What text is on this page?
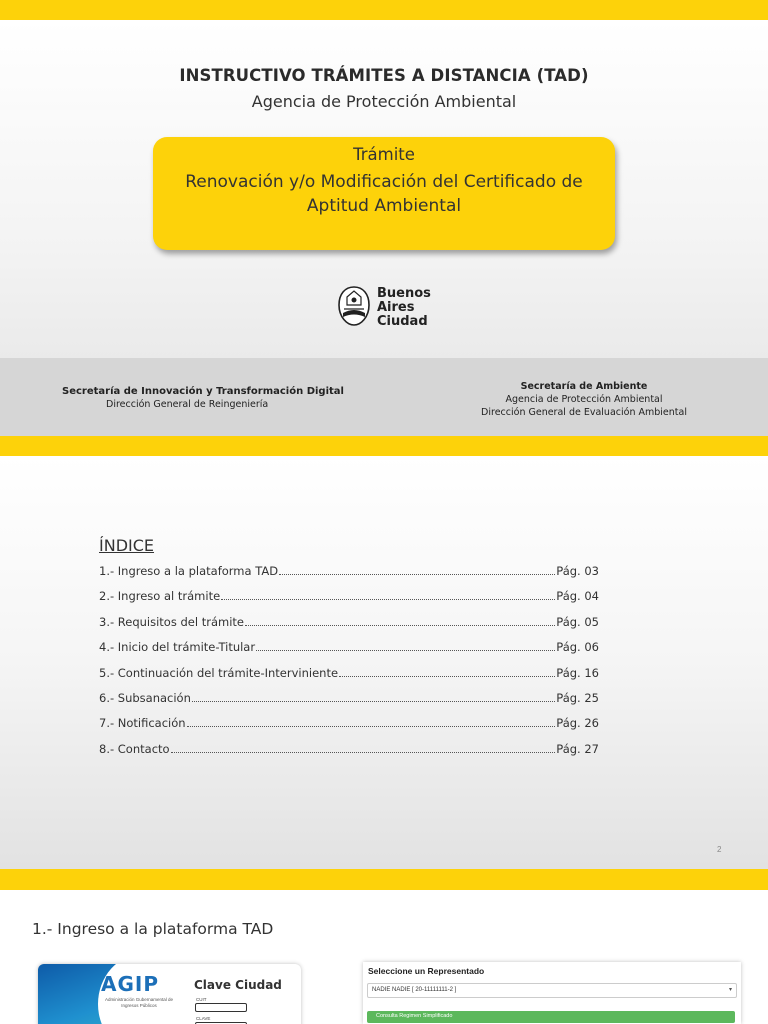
INSTRUCTIVO TRÁMITES A DISTANCIA (TAD)
Agencia de Protección Ambiental
Trámite
Renovación y/o Modificación del Certificado de Aptitud Ambiental
Buenos
Aires
Ciudad
Secretaría de Innovación y Transformación Digital
Dirección General de Reingeniería
Secretaría de Ambiente
Agencia de Protección Ambiental
Dirección General de Evaluación Ambiental
ÍNDICE
1.- Ingreso a la plataforma TAD	Pág. 03
2.- Ingreso al trámite	Pág. 04
3.- Requisitos del trámite	Pág. 05
4.- Inicio del trámite-Titular	Pág. 06
5.- Continuación del trámite-Interviniente	Pág. 16
6.- Subsanación	Pág. 25
7.- Notificación	Pág. 26
8.- Contacto	Pág. 27
2
1.- Ingreso a la plataforma TAD
AGIP
Administración Gubernamental de Ingresos Públicos
Clave Ciudad
CUIT
CLAVE
Seleccione un Representado
NADIE NADIE [ 20-11111111-2 ]	▾
Consulta Regimen Simplificado
